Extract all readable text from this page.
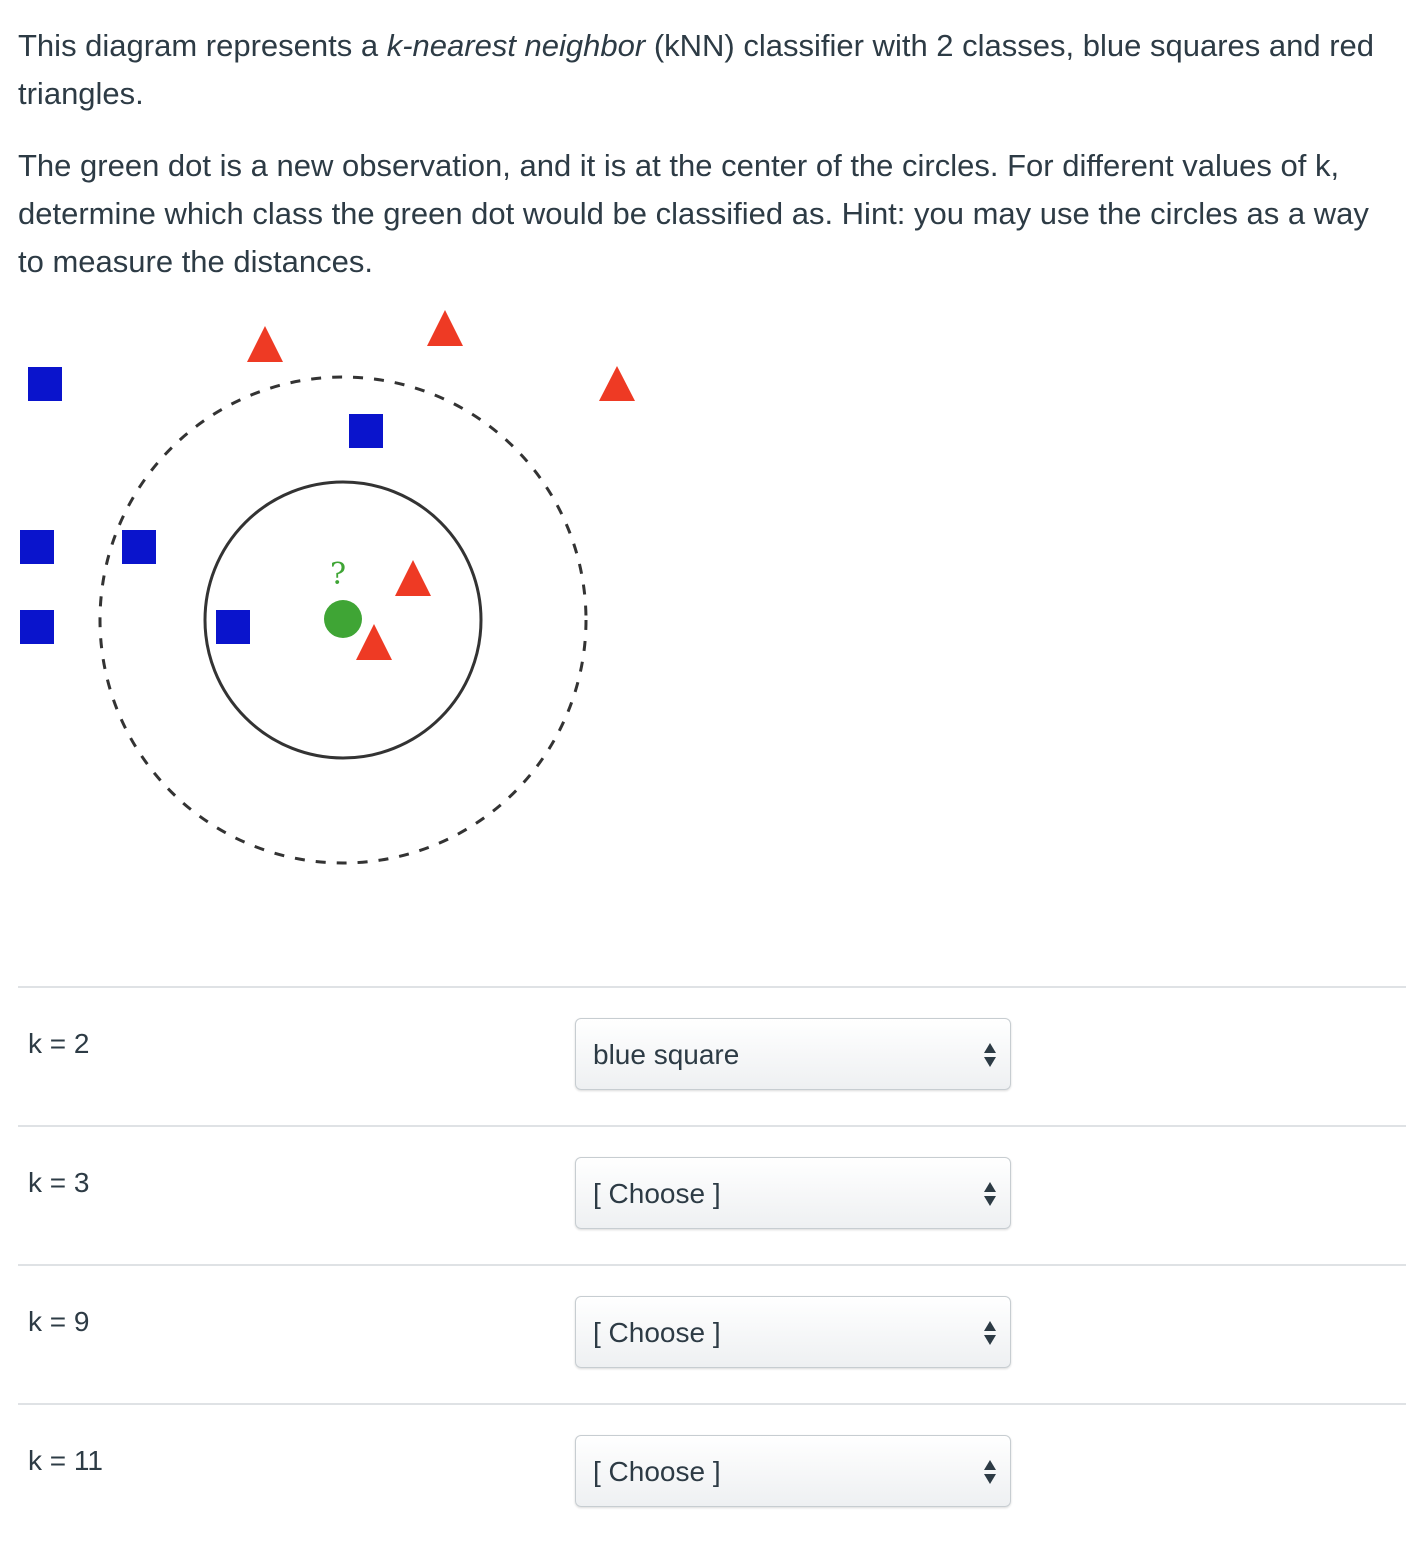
This diagram represents a k-nearest neighbor (kNN) classifier with 2 classes, blue squares and red triangles.

The green dot is a new observation, and it is at the center of the circles. For different values of k, determine which class the green dot would be classified as. Hint: you may use the circles as a way to measure the distances.

?
k = 2	blue square
k = 3	[ Choose ]
k = 9	[ Choose ]
k = 11	[ Choose ]
